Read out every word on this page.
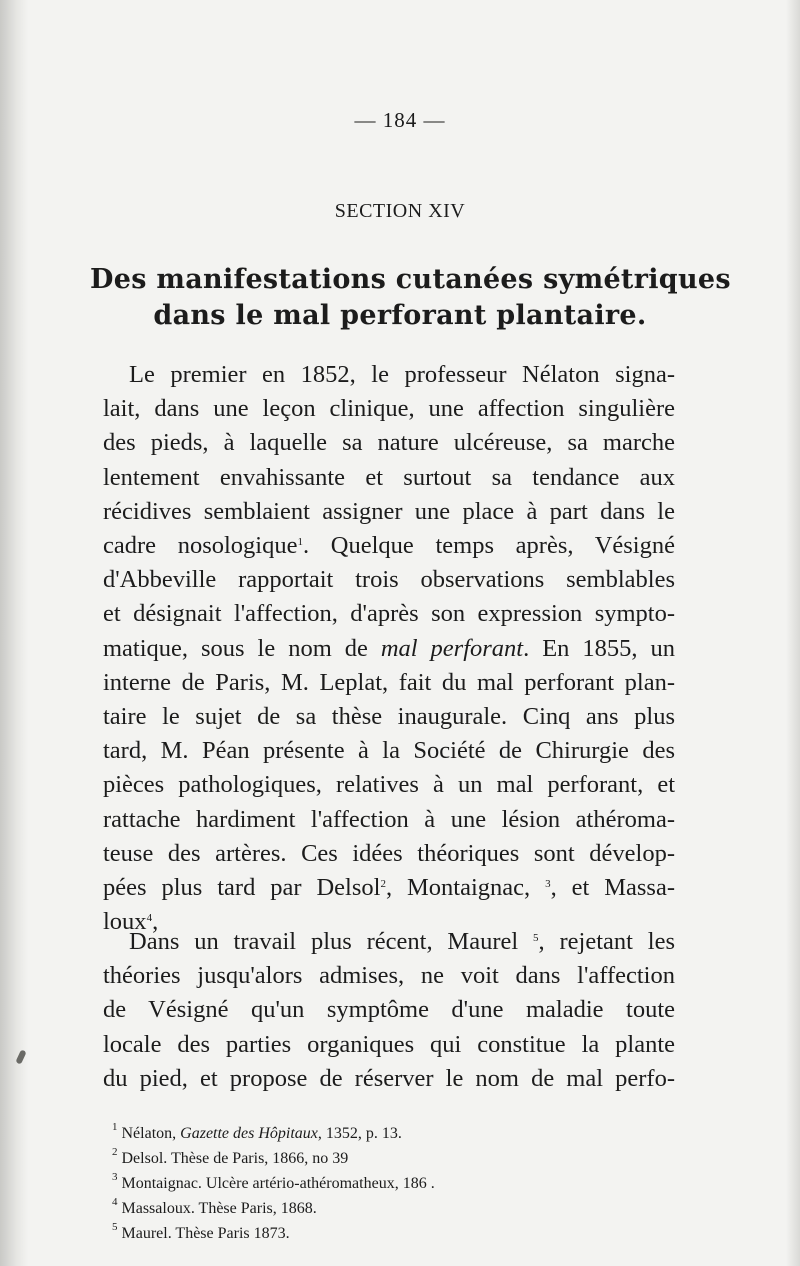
— 184 —
SECTION XIV
Des manifestations cutanées symétriques
dans le mal perforant plantaire.
Le premier en 1852, le professeur Nélaton signa-
lait, dans une leçon clinique, une affection singulière
des pieds, à laquelle sa nature ulcéreuse, sa marche
lentement envahissante et surtout sa tendance aux
récidives semblaient assigner une place à part dans le
cadre nosologique$^1$. Quelque temps après, Vésigné
d'Abbeville rapportait trois observations semblables
et désignait l'affection, d'après son expression sympto-
matique, sous le nom de mal perforant. En 1855, un
interne de Paris, M. Leplat, fait du mal perforant plan-
taire le sujet de sa thèse inaugurale. Cinq ans plus
tard, M. Péan présente à la Société de Chirurgie des
pièces pathologiques, relatives à un mal perforant, et
rattache hardiment l'affection à une lésion athéroma-
teuse des artères. Ces idées théoriques sont dévelop-
pées plus tard par Delsol$^2$, Montaignac, $^3$, et Massa-
loux$^4$,
Dans un travail plus récent, Maurel $^5$, rejetant les
théories jusqu'alors admises, ne voit dans l'affection
de Vésigné qu'un symptôme d'une maladie toute
locale des parties organiques qui constitue la plante
du pied, et propose de réserver le nom de mal perfo-
$^1$ Nélaton, Gazette des Hôpitaux, 1352, p. 13.
$^2$ Delsol. Thèse de Paris, 1866, no 39
$^3$ Montaignac. Ulcère artério-athéromatheux, 186 .
$^4$ Massaloux. Thèse Paris, 1868.
$^5$ Maurel. Thèse Paris 1873.
